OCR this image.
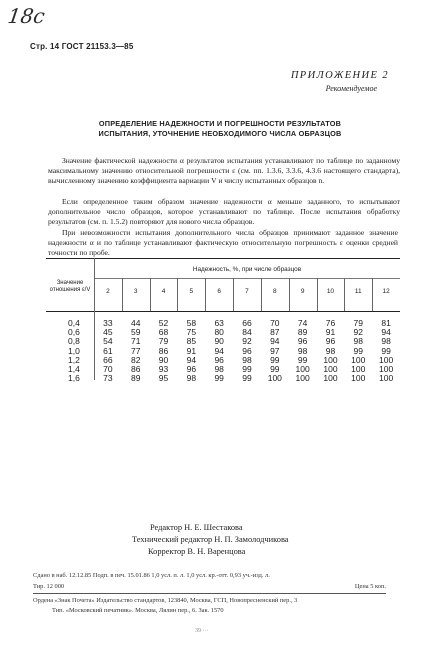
18c
Стр. 14 ГОСТ 21153.3—85
ПРИЛОЖЕНИЕ 2
Рекомендуемое
ОПРЕДЕЛЕНИЕ НАДЕЖНОСТИ И ПОГРЕШНОСТИ РЕЗУЛЬТАТОВ
ИСПЫТАНИЯ, УТОЧНЕНИЕ НЕОБХОДИМОГО ЧИСЛА ОБРАЗЦОВ
Значение фактической надежности α результатов испытания устанавливают по таблице по заданному максимальному значению относительной погрешности ε (см. пп. 1.3.6, 3.3.6, 4.3.6 настоящего стандарта), вычисленному значению коэффициента вариации V и числу испытанных образцов n.
Если определенное таким образом значение надежности α меньше заданного, то испытывают дополнительное число образцов, которое устанавливают по таблице. После испытания обработку результатов (см. п. 1.5.2) повторяют для нового числа образцов.
При невозможности испытания дополнительного числа образцов принимают заданное значение надежности α и по таблице устанавливают фактическую относительную погрешность ε оценки средней точности по пробе.
Значение отношения ε/V
Надежность, %, при числе образцов
2	3	4	5	6	7	8	9	10	11	12
0,4	33	44	52	58	63	66	70	74	76	79	81
0,6	45	59	68	75	80	84	87	89	91	92	94
0,8	54	71	79	85	90	92	94	96	96	98	98
1,0	61	77	86	91	94	96	97	98	98	99	99
1,2	66	82	90	94	96	98	99	99	100	100	100
1,4	70	86	93	96	98	99	99	100	100	100	100
1,6	73	89	95	98	99	99	100	100	100	100	100
Редактор Н. Е. Шестакова
Технический редактор Н. П. Замолодчикова
Корректор В. Н. Варенцова
Сдано в наб. 12.12.85 Подп. в печ. 15.01.86 1,0 усл. п. л. 1,0 усл. кр.-отт. 0,93 уч.-изд. л.
Тир. 12 000	Цена 5 коп.
Ордена «Знак Почета» Издательство стандартов, 123840, Москва, ГСП, Новопресненский пер., 3
Тип. «Московский печатник». Москва, Лялин пер., 6. Зак. 1570
39 ···
